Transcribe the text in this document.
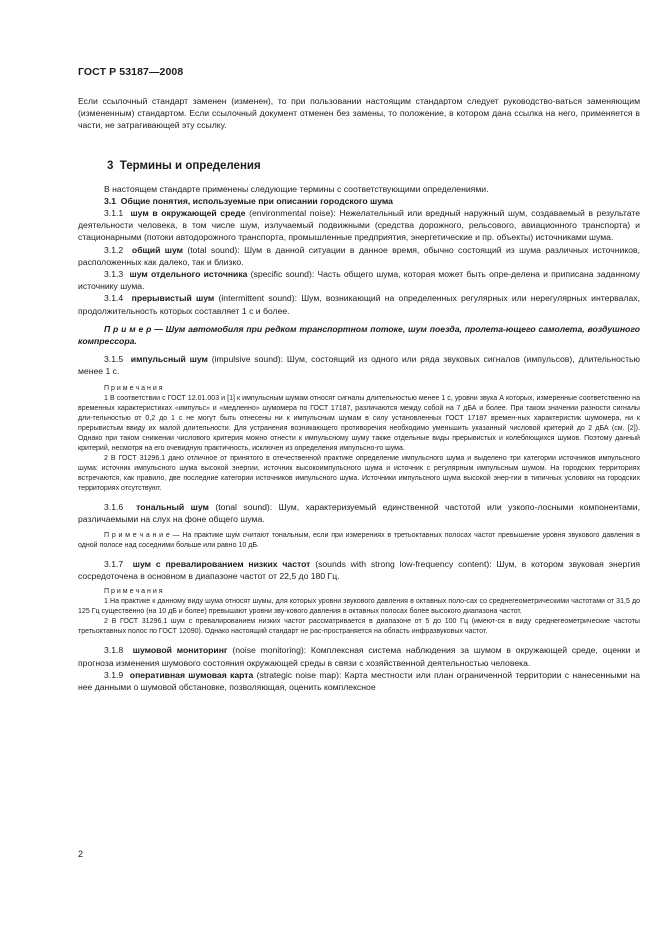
ГОСТ Р 53187—2008

Если ссылочный стандарт заменен (изменен), то при пользовании настоящим стандартом следует руководство-ваться заменяющим (измененным) стандартом. Если ссылочный документ отменен без замены, то положение, в котором дана ссылка на него, применяется в части, не затрагивающей эту ссылку.

3 Термины и определения

В настоящем стандарте применены следующие термины с соответствующими определениями.

3.1 Общие понятия, используемые при описании городского шума

3.1.1 шум в окружающей среде (environmental noise): Нежелательный или вредный наружный шум, создаваемый в результате деятельности человека, в том числе шум, излучаемый подвижными (средства дорожного, рельсового, авиационного транспорта) и стационарными (потоки автодорожного транспорта, промышленные предприятия, энергетические и пр. объекты) источниками шума.

3.1.2 общий шум (total sound): Шум в данной ситуации в данное время, обычно состоящий из шума различных источников, расположенных как далеко, так и близко.

3.1.3 шум отдельного источника (specific sound): Часть общего шума, которая может быть опре-делена и приписана заданному источнику шума.

3.1.4 прерывистый шум (intermittent sound): Шум, возникающий на определенных регулярных или нерегулярных интервалах, продолжительность которых составляет 1 с и более.

П р и м е р — Шум автомобиля при редком транспортном потоке, шум поезда, пролета-ющего самолета, воздушного компрессора.

3.1.5 импульсный шум (impulsive sound): Шум, состоящий из одного или ряда звуковых сигналов (импульсов), длительностью менее 1 с.

П р и м е ч а н и я

1 В соответствии с ГОСТ 12.01.003 и [1] к импульсным шумам относят сигналы длительностью менее 1 с, уровни звука А которых, измеренные соответственно на временных характеристиках «импульс» и «медленно» шумомера по ГОСТ 17187, различаются между собой на 7 дБА и более. При таком значении разности сигналы дли-тельностью от 0,2 до 1 с не могут быть отнесены ни к импульсным шумам в силу установленных ГОСТ 17187 времен-ных характеристик шумомера, ни к прерывистым ввиду их малой длительности. Для устранения возникающего противоречия необходимо уменьшить указанный числовой критерий до 2 дБА (см. [2]). Однако при таком снижении числового критерия можно отнести к импульсному шуму также отдельные виды прерывистых и колеблющихся шумов. Поэтому данный критерий, несмотря на его очевидную практичность, исключен из определения импульсно-го шума.

2 В ГОСТ 31296.1 дано отличное от принятого в отечественной практике определение импульсного шума и выделено три категории источников импульсного шума: источник импульсного шума высокой энергии, источник высокоимпульсного шума и источник с регулярным импульсным шумом. На городских территориях встречаются, как правило, две последние категории источников импульсного шума. Источники импульсного шума высокой энер-гии в типичных условиях на городских территориях отсутствуют.

3.1.6 тональный шум (tonal sound): Шум, характеризуемый единственной частотой или узкопо-лосными компонентами, различаемыми на слух на фоне общего шума.

П р и м е ч а н и е — На практике шум считают тональным, если при измерениях в третьоктавных полосах частот превышение уровня звукового давления в одной полосе над соседними больше или равно 10 дБ.

3.1.7 шум с превалированием низких частот (sounds with strong low-frequency content): Шум, в котором звуковая энергия сосредоточена в основном в диапазоне частот от 22,5 до 180 Гц.

П р и м е ч а н и я

1 На практике к данному виду шума относят шумы, для которых уровни звукового давления в октавных поло-сах со среднегеометрическими частотами от 31,5 до 125 Гц существенно (на 10 дБ и более) превышают уровни зву-кового давления в октавных полосах более высокого диапазона частот.

2 В ГОСТ 31296.1 шум с превалированием низких частот рассматривается в диапазоне от 5 до 100 Гц (имеют-ся в виду среднегеометрические частоты третьоктавных полос по ГОСТ 12090). Однако настоящий стандарт не рас-пространяется на область инфразвуковых частот.

3.1.8 шумовой мониторинг (noise monitoring): Комплексная система наблюдения за шумом в окружающей среде, оценки и прогноза изменения шумового состояния окружающей среды в связи с хозяйственной деятельностью человека.

3.1.9 оперативная шумовая карта (strategic noise map): Карта местности или план ограниченной территории с нанесенными на нее данными о шумовой обстановке, позволяющая, оценить комплексное

2
